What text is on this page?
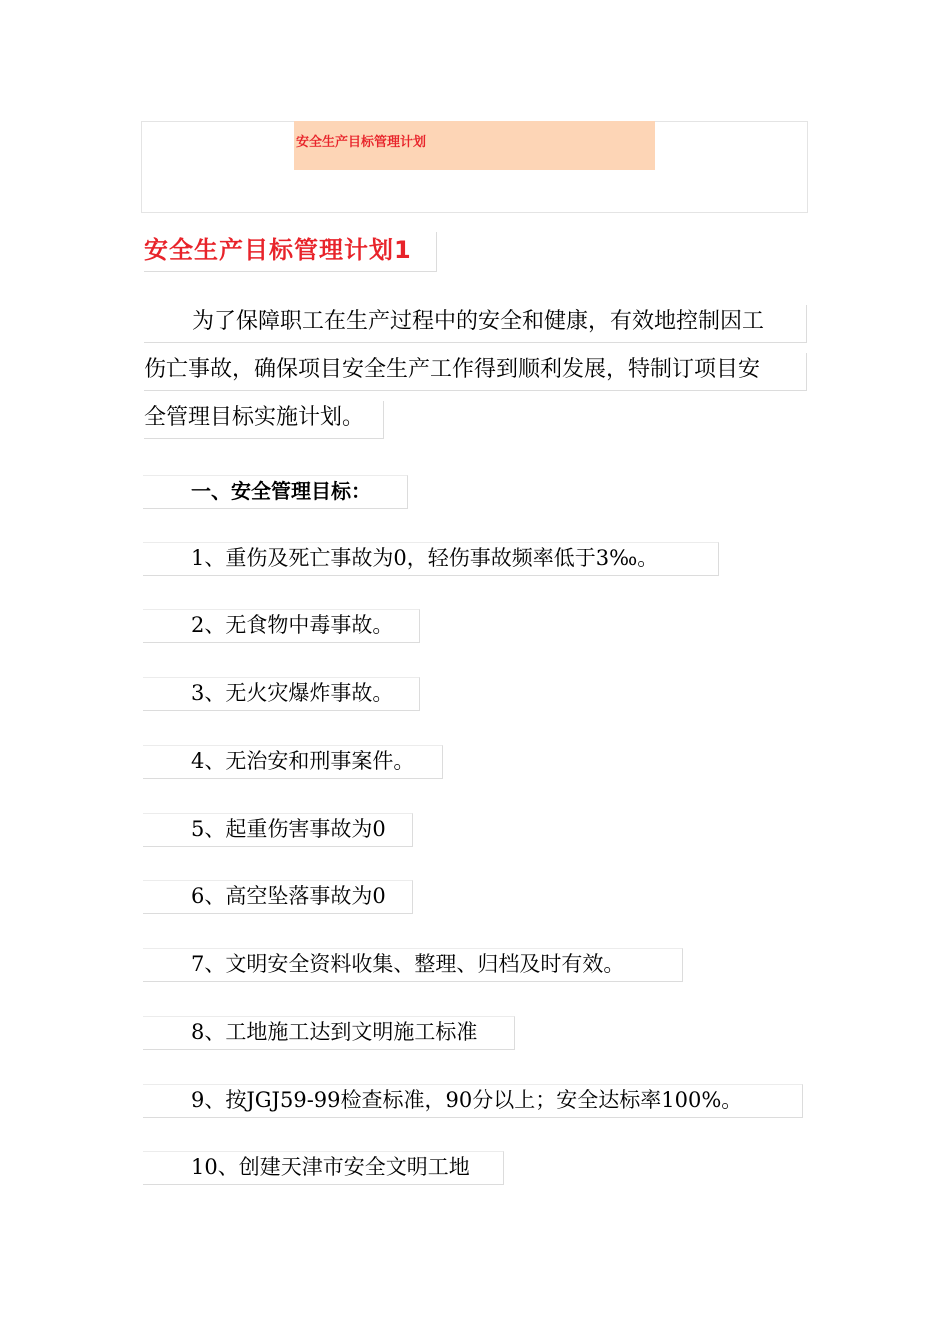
安全生产目标管理计划
安全生产目标管理计划1
为了保障职工在生产过程中的安全和健康，有效地控制因工
伤亡事故，确保项目安全生产工作得到顺利发展，特制订项目安
全管理目标实施计划。
一、安全管理目标：
1、重伤及死亡事故为0，轻伤事故频率低于3‰。
2、无食物中毒事故。
3、无火灾爆炸事故。
4、无治安和刑事案件。
5、起重伤害事故为0
6、高空坠落事故为0
7、文明安全资料收集、整理、归档及时有效。
8、工地施工达到文明施工标准
9、按JGJ59-99检查标准，90分以上；安全达标率100%。
10、创建天津市安全文明工地
